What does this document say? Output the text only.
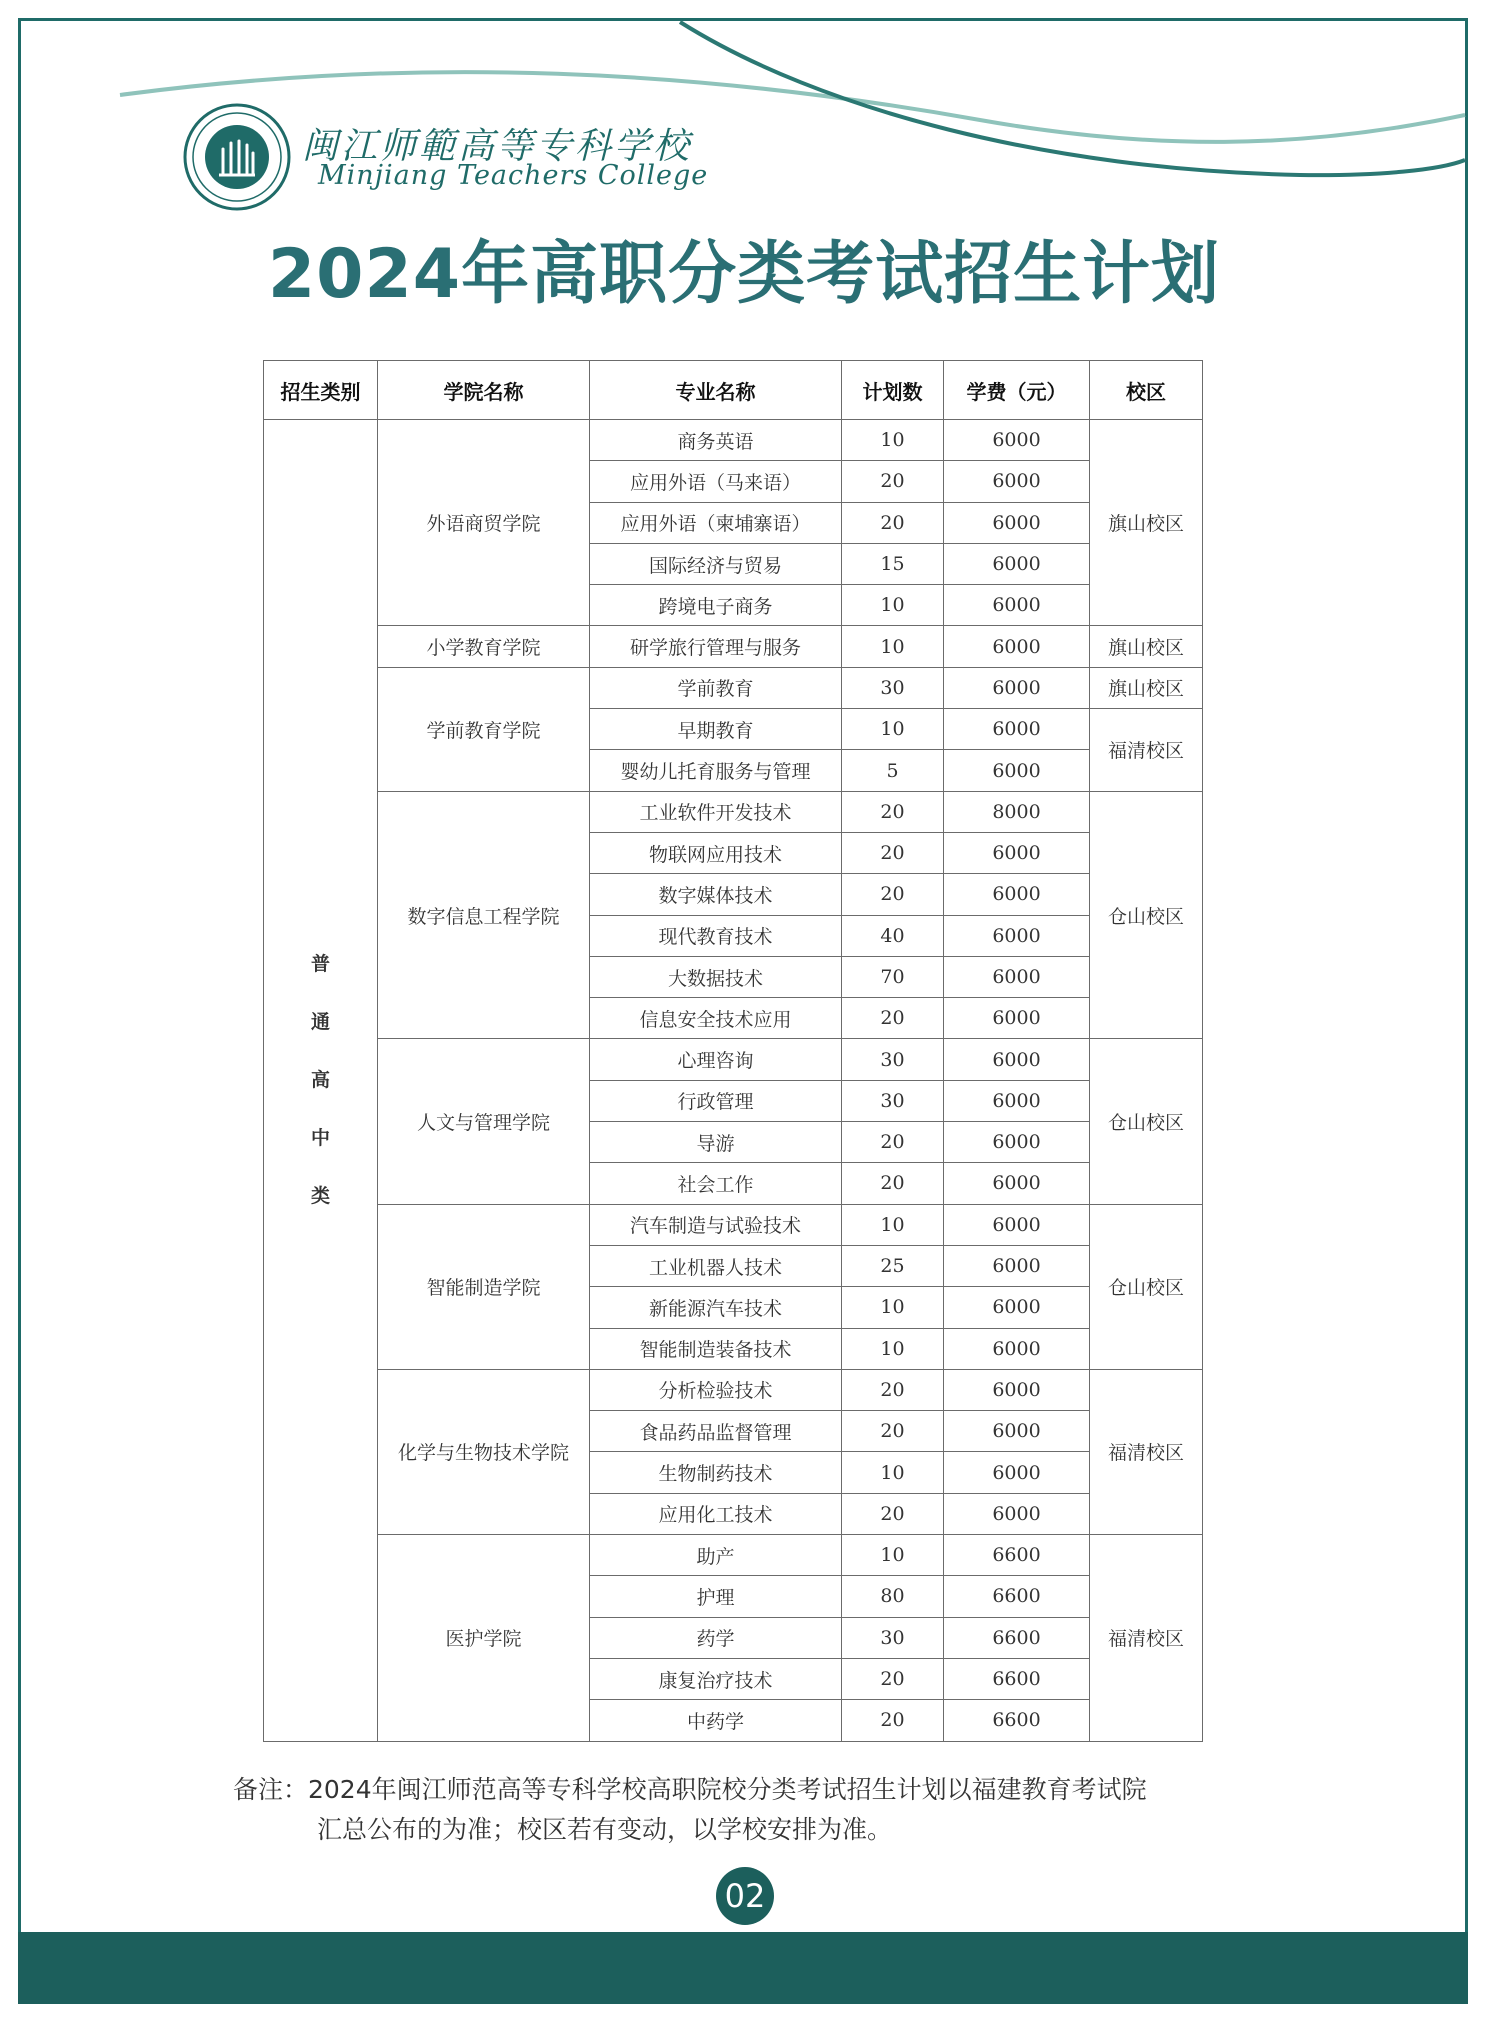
闽江师範高等专科学校
Minjiang Teachers College
2024年高职分类考试招生计划
招生类别	学院名称	专业名称	计划数	学费（元）	校区

普
通
高
中
类	外语商贸学院	商务英语	10	6000	旗山校区
		应用外语（马来语）	20	6000	
		应用外语（柬埔寨语）	20	6000	
		国际经济与贸易	15	6000	
		跨境电子商务	10	6000	
	小学教育学院	研学旅行管理与服务	10	6000	旗山校区
	学前教育学院	学前教育	30	6000	旗山校区
		早期教育	10	6000	福清校区
		婴幼儿托育服务与管理	5	6000	
	数字信息工程学院	工业软件开发技术	20	8000	仓山校区
		物联网应用技术	20	6000	
		数字媒体技术	20	6000	
		现代教育技术	40	6000	
		大数据技术	70	6000	
		信息安全技术应用	20	6000	
	人文与管理学院	心理咨询	30	6000	仓山校区
		行政管理	30	6000	
		导游	20	6000	
		社会工作	20	6000	
	智能制造学院	汽车制造与试验技术	10	6000	仓山校区
		工业机器人技术	25	6000	
		新能源汽车技术	10	6000	
		智能制造装备技术	10	6000	
	化学与生物技术学院	分析检验技术	20	6000	福清校区
		食品药品监督管理	20	6000	
		生物制药技术	10	6000	
		应用化工技术	20	6000	
	医护学院	助产	10	6600	福清校区
		护理	80	6600	
		药学	30	6600	
		康复治疗技术	20	6600	
		中药学	20	6600	
备注：2024年闽江师范高等专科学校高职院校分类考试招生计划以福建教育考试院
汇总公布的为准；校区若有变动，以学校安排为准。
02
